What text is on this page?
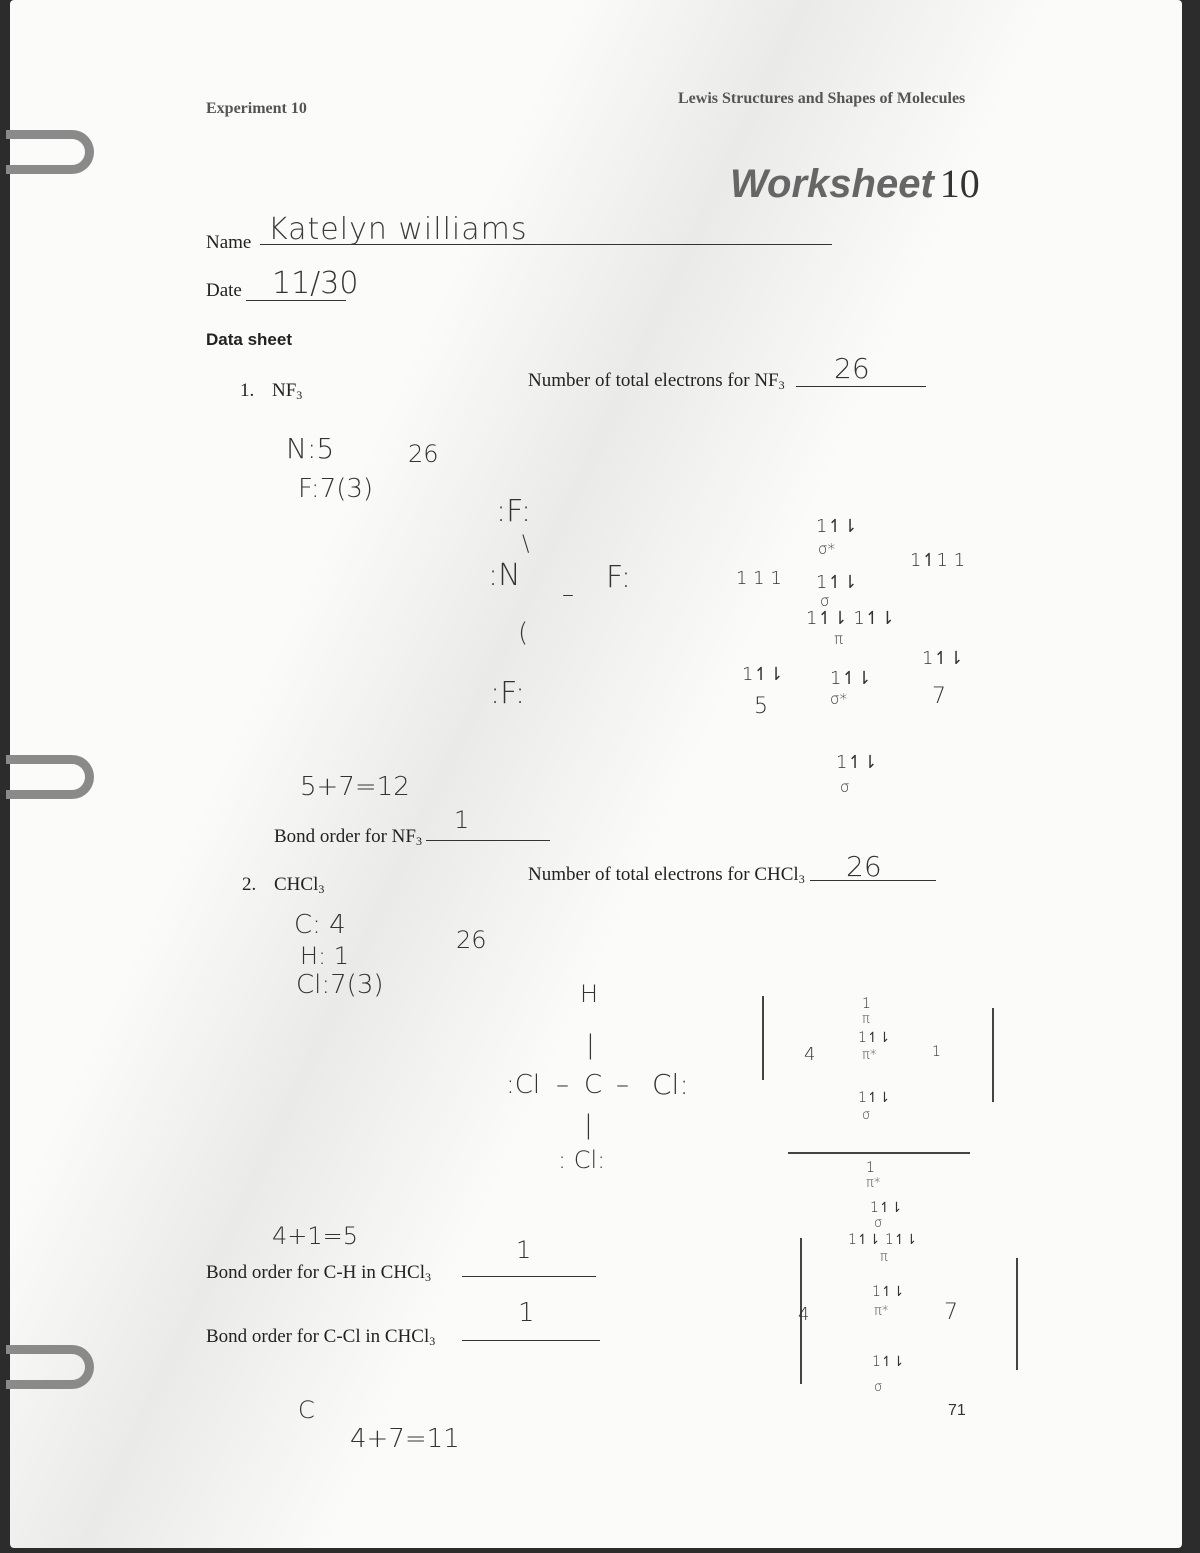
Experiment 10
Lewis Structures and Shapes of Molecules
Worksheet 10
Name Katelyn williams
Date 11/30
Data sheet
1. $NF_3$
Number of total electrons for $NF_3$ 26
N:5
F:7(3)
26
:F:
\
:N
– F:
(
:F:
1 1 1
1↿⇂
5
1↿⇂
σ*
1↿⇂
σ
1↿⇂ 1↿⇂
π
1↿⇂
σ*
1↿⇂
σ
1↿1 1
1↿⇂
7
5+7=12
Bond order for $NF_3$
1
2. CHCl$_3$
Number of total electrons for CHCl$_3$ 26
C: 4
H: 1
Cl:7(3)
26
H
|
:Cl – C – Cl:
|
: Cl:
4	1
1
π
1↿⇂
π*
1↿⇂
σ
4	7
1
π*
1↿⇂
σ
1↿⇂ 1↿⇂
π
1↿⇂
π*
1↿⇂
σ
4+1=5
Bond order for C-H in CHCl$_3$
1
Bond order for C-Cl in CHCl$_3$
1
C
4+7=11
71
